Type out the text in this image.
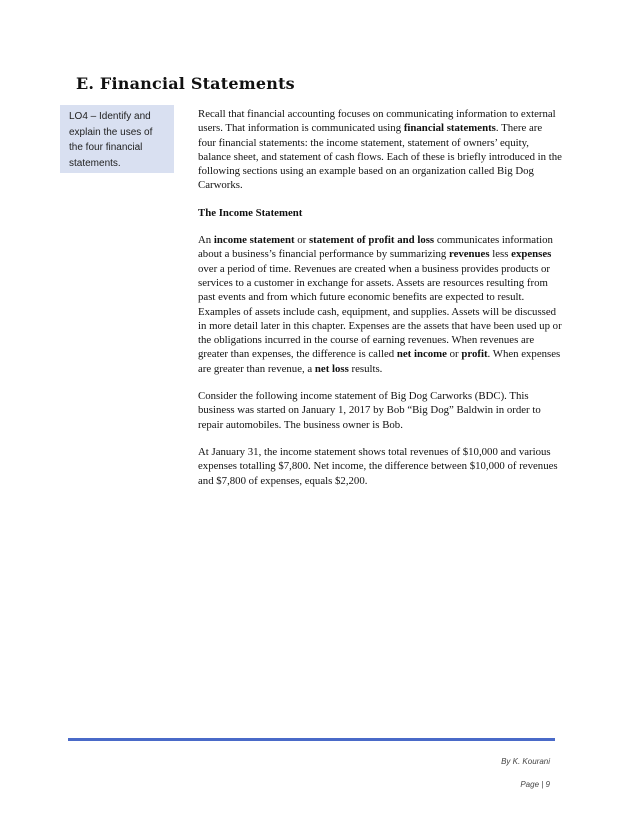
E. Financial Statements
LO4 – Identify and explain the uses of the four financial statements.

Recall that financial accounting focuses on communicating information to external users. That information is communicated using financial statements. There are four financial statements: the income statement, statement of owners’ equity, balance sheet, and statement of cash flows. Each of these is briefly introduced in the following sections using an example based on an organization called Big Dog Carworks.

The Income Statement

An income statement or statement of profit and loss communicates information about a business’s financial performance by summarizing revenues less expenses over a period of time. Revenues are created when a business provides products or services to a customer in exchange for assets. Assets are resources resulting from past events and from which future economic benefits are expected to result. Examples of assets include cash, equipment, and supplies. Assets will be discussed in more detail later in this chapter. Expenses are the assets that have been used up or the obligations incurred in the course of earning revenues. When revenues are greater than expenses, the difference is called net income or profit. When expenses are greater than revenue, a net loss results.

Consider the following income statement of Big Dog Carworks (BDC). This business was started on January 1, 2017 by Bob “Big Dog” Baldwin in order to repair automobiles. The business owner is Bob.

At January 31, the income statement shows total revenues of $10,000 and various expenses totalling $7,800. Net income, the difference between $10,000 of revenues and $7,800 of expenses, equals $2,200.

By K. Kourani
Page | 9
